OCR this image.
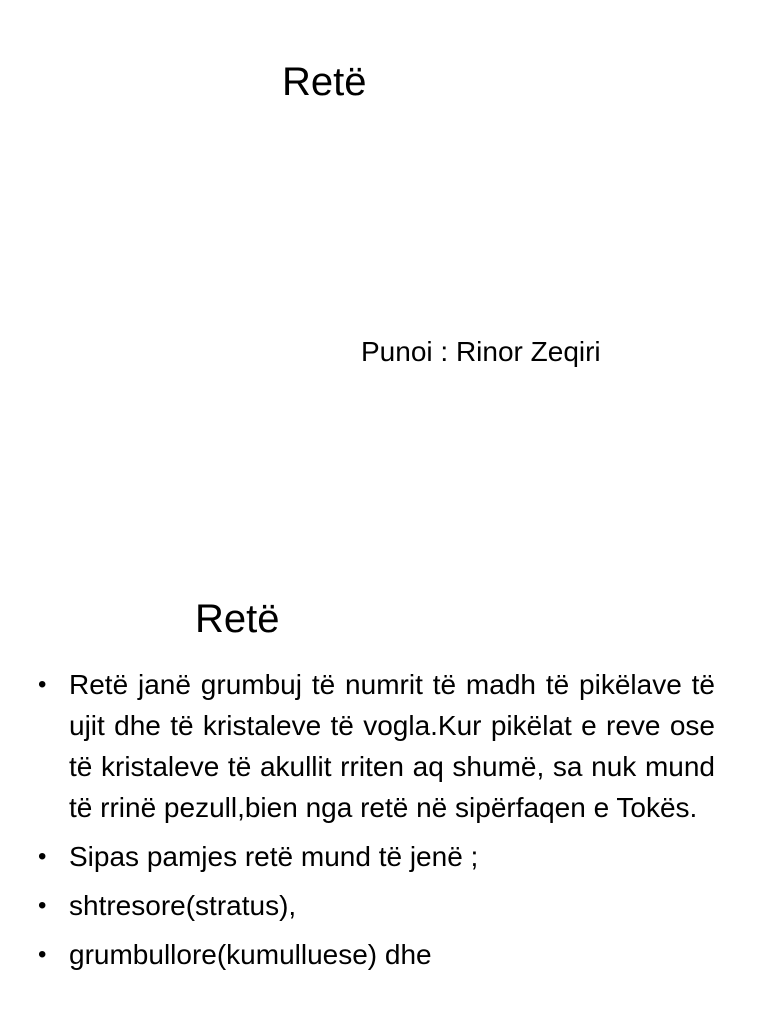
Retë
Punoi : Rinor Zeqiri
Retë
• Retë janë grumbuj të numrit të madh të pikëlave të ujit dhe të kristaleve të vogla.Kur pikëlat e reve ose të kristaleve të akullit rriten aq shumë, sa nuk mund të rrinë pezull,bien nga retë në sipërfaqen e Tokës.
• Sipas pamjes retë mund të jenë ;
• shtresore(stratus),
• grumbullore(kumulluese) dhe
